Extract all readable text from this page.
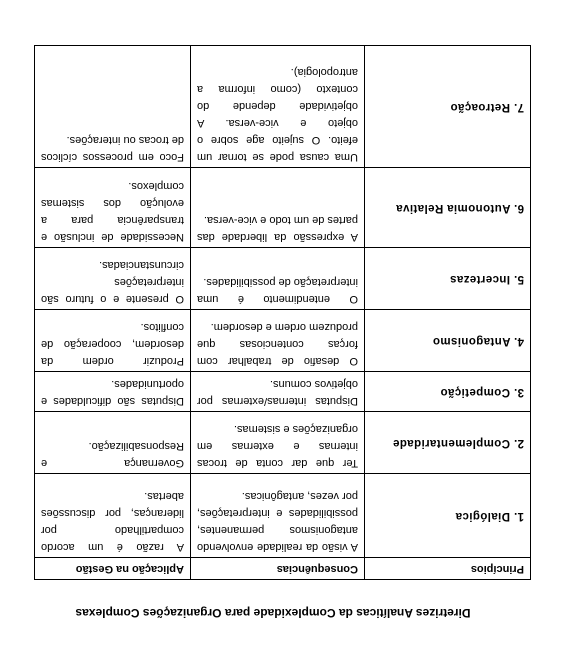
Diretrizes Analíticas da Complexidade para Organizações Complexas
Princípios	Consequências	Aplicação na Gestão
1. Dialógica	A visão da realidade envolvendo antagonismos permanentes, possibilidades e interpretações, por vezes, antagônicas.	A razão é um acordo compartilhado por lideranças, por discussões abertas.
2. Complementaridade	Ter que dar conta de trocas internas e externas em organizações e sistemas.	Governança e Responsabilização.
3. Competição	Disputas internas/externas por objetivos comuns.	Disputas são dificuldades e oportunidades.
4. Antagonismo	O desafio de trabalhar com forças contenciosas que produzem ordem e desordem.	Produzir ordem da desordem, cooperação de conflitos.
5. Incertezas	O entendimento é uma interpretação de possibilidades.	O presente e o futuro são interpretações circunstanciadas.
6. Autonomia Relativa	A expressão da liberdade das partes de um todo e vice-versa.	Necessidade de inclusão e transparência para a evolução dos sistemas complexos.
7. Retroação	Uma causa pode se tornar um efeito. O sujeito age sobre o objeto e vice-versa. A objetividade depende do contexto (como informa a antropologia).	Foco em processos cíclicos de trocas ou interações.
